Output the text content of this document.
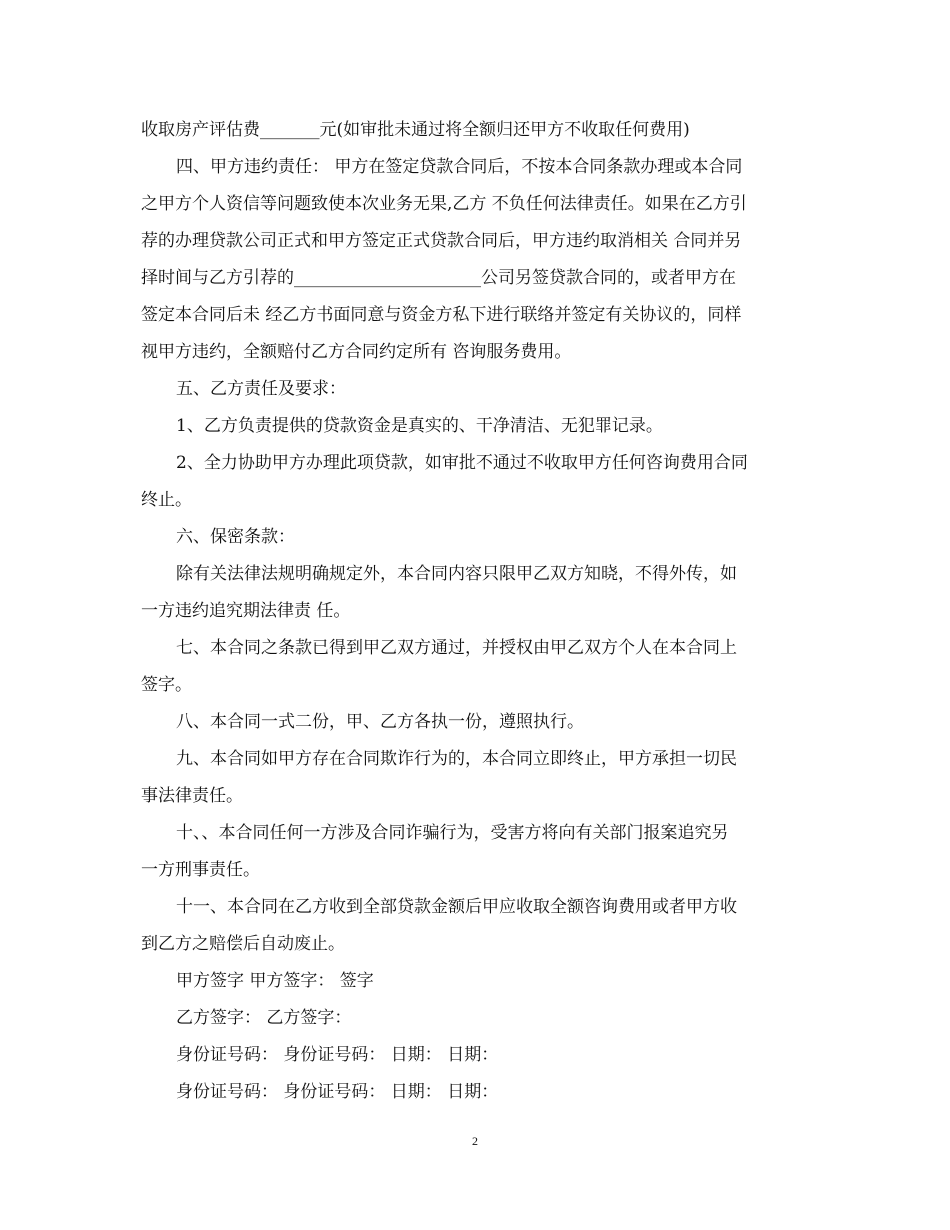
收取房产评估费_______元(如审批未通过将全额归还甲方不收取任何费用)
四、甲方违约责任： 甲方在签定贷款合同后，不按本合同条款办理或本合同
之甲方个人资信等问题致使本次业务无果,乙方 不负任何法律责任。如果在乙方引
荐的办理贷款公司正式和甲方签定正式贷款合同后，甲方违约取消相关 合同并另
择时间与乙方引荐的______________________公司另签贷款合同的，或者甲方在
签定本合同后未 经乙方书面同意与资金方私下进行联络并签定有关协议的，同样
视甲方违约，全额赔付乙方合同约定所有 咨询服务费用。
五、乙方责任及要求：
1、乙方负责提供的贷款资金是真实的、干净清洁、无犯罪记录。
2、全力协助甲方办理此项贷款，如审批不通过不收取甲方任何咨询费用合同
终止。
六、保密条款：
除有关法律法规明确规定外，本合同内容只限甲乙双方知晓，不得外传，如
一方违约追究期法律责 任。
七、本合同之条款已得到甲乙双方通过，并授权由甲乙双方个人在本合同上
签字。
八、本合同一式二份，甲、乙方各执一份，遵照执行。
九、本合同如甲方存在合同欺诈行为的，本合同立即终止，甲方承担一切民
事法律责任。
十、、本合同任何一方涉及合同诈骗行为，受害方将向有关部门报案追究另
一方刑事责任。
十一、本合同在乙方收到全部贷款金额后甲应收取全额咨询费用或者甲方收
到乙方之赔偿后自动废止。
甲方签字 甲方签字： 签字
乙方签字： 乙方签字：
身份证号码： 身份证号码： 日期： 日期：
身份证号码： 身份证号码： 日期： 日期：
2
